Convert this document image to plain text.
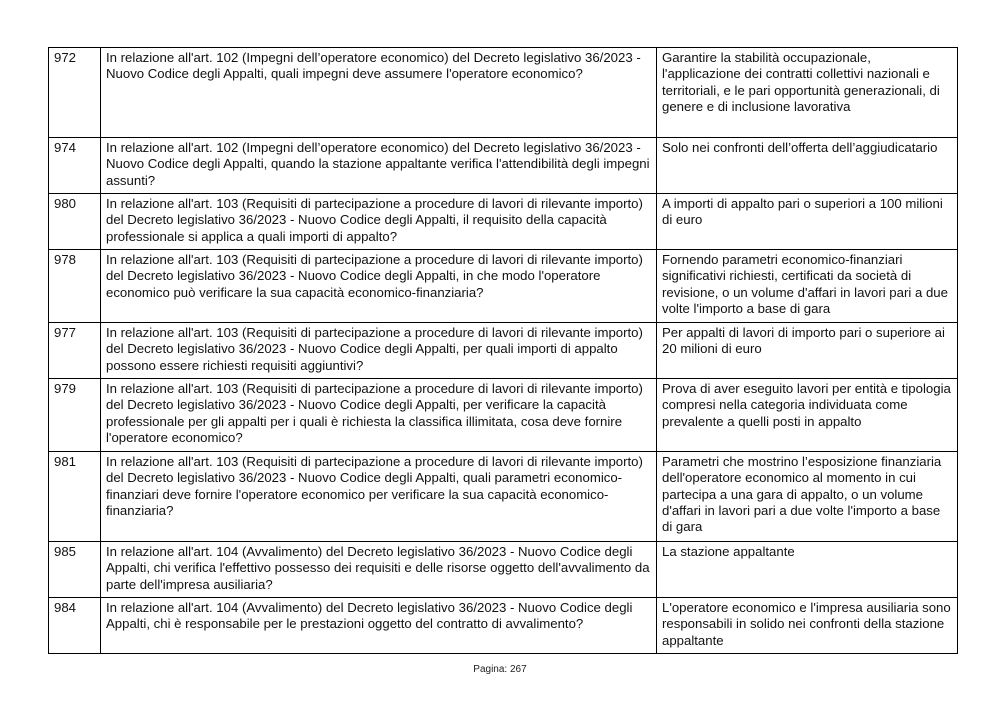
972	In relazione all'art. 102 (Impegni dell’operatore economico) del Decreto legislativo 36/2023 - Nuovo Codice degli Appalti, quali impegni deve assumere l'operatore economico?	Garantire la stabilità occupazionale, l'applicazione dei contratti collettivi nazionali e territoriali, e le pari opportunità generazionali, di genere e di inclusione lavorativa
974	In relazione all'art. 102 (Impegni dell’operatore economico) del Decreto legislativo 36/2023 - Nuovo Codice degli Appalti, quando la stazione appaltante verifica l'attendibilità degli impegni assunti?	Solo nei confronti dell’offerta dell’aggiudicatario
980	In relazione all'art. 103 (Requisiti di partecipazione a procedure di lavori di rilevante importo) del Decreto legislativo 36/2023 - Nuovo Codice degli Appalti, il requisito della capacità professionale si applica a quali importi di appalto?	A importi di appalto pari o superiori a 100 milioni di euro
978	In relazione all'art. 103 (Requisiti di partecipazione a procedure di lavori di rilevante importo) del Decreto legislativo 36/2023 - Nuovo Codice degli Appalti, in che modo l'operatore economico può verificare la sua capacità economico-finanziaria?	Fornendo parametri economico-finanziari significativi richiesti, certificati da società di revisione, o un volume d'affari in lavori pari a due volte l'importo a base di gara
977	In relazione all'art. 103 (Requisiti di partecipazione a procedure di lavori di rilevante importo) del Decreto legislativo 36/2023 - Nuovo Codice degli Appalti, per quali importi di appalto possono essere richiesti requisiti aggiuntivi?	Per appalti di lavori di importo pari o superiore ai 20 milioni di euro
979	In relazione all'art. 103 (Requisiti di partecipazione a procedure di lavori di rilevante importo) del Decreto legislativo 36/2023 - Nuovo Codice degli Appalti, per verificare la capacità professionale per gli appalti per i quali è richiesta la classifica illimitata, cosa deve fornire l'operatore economico?	Prova di aver eseguito lavori per entità e tipologia compresi nella categoria individuata come prevalente a quelli posti in appalto
981	In relazione all'art. 103 (Requisiti di partecipazione a procedure di lavori di rilevante importo) del Decreto legislativo 36/2023 - Nuovo Codice degli Appalti, quali parametri economico-finanziari deve fornire l'operatore economico per verificare la sua capacità economico-finanziaria?	Parametri che mostrino l’esposizione finanziaria dell'operatore economico al momento in cui partecipa a una gara di appalto, o un volume d'affari in lavori pari a due volte l'importo a base di gara
985	In relazione all'art. 104 (Avvalimento) del Decreto legislativo 36/2023 - Nuovo Codice degli Appalti, chi verifica l'effettivo possesso dei requisiti e delle risorse oggetto dell'avvalimento da parte dell'impresa ausiliaria?	La stazione appaltante
984	In relazione all'art. 104 (Avvalimento) del Decreto legislativo 36/2023 - Nuovo Codice degli Appalti, chi è responsabile per le prestazioni oggetto del contratto di avvalimento?	L'operatore economico e l'impresa ausiliaria sono responsabili in solido nei confronti della stazione appaltante
Pagina: 267
